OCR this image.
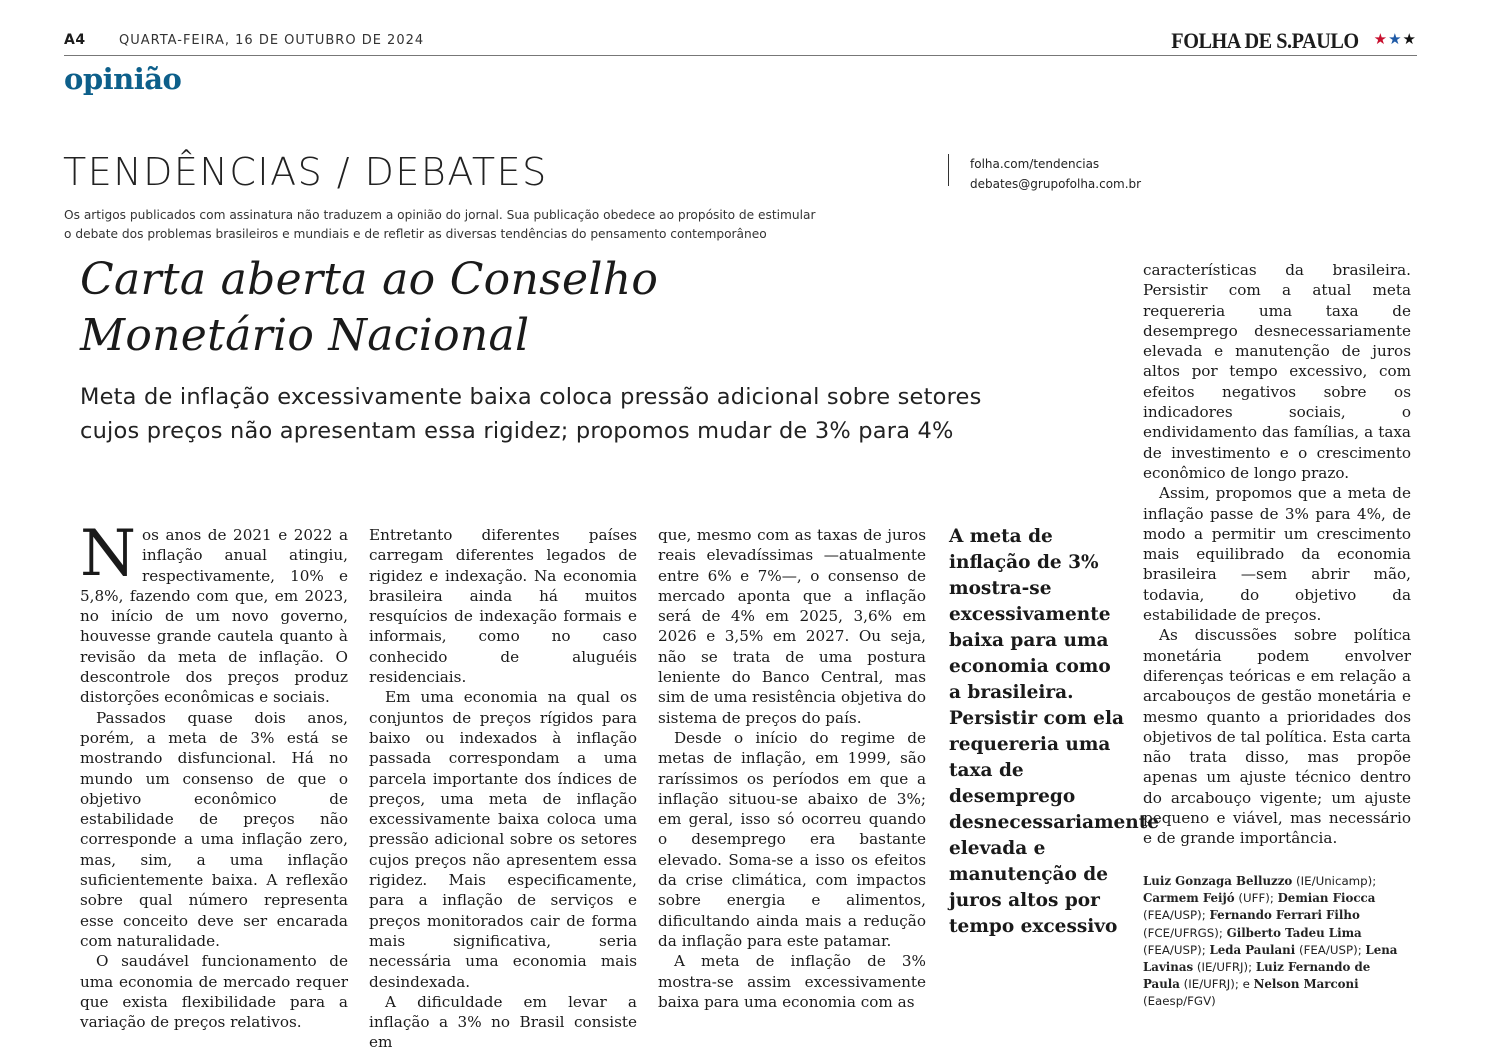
A4	QUARTA-FEIRA, 16 DE OUTUBRO DE 2024	FOLHA DE S.PAULO ★★★
opinião
TENDÊNCIAS / DEBATES	folha.com/tendencias
debates@grupofolha.com.br
Os artigos publicados com assinatura não traduzem a opinião do jornal. Sua publicação obedece ao propósito de estimular
o debate dos problemas brasileiros e mundiais e de refletir as diversas tendências do pensamento contemporâneo
Carta aberta ao Conselho
Monetário Nacional
Meta de inflação excessivamente baixa coloca pressão adicional sobre setores
cujos preços não apresentam essa rigidez; propomos mudar de 3% para 4%

Nos anos de 2021 e 2022 a inflação anual atingiu, respectivamente, 10% e 5,8%, fazendo com que, em 2023, no início de um novo governo, houvesse grande cautela quanto à revisão da meta de inflação. O descontrole dos preços produz distorções econômicas e sociais.

Passados quase dois anos, porém, a meta de 3% está se mostrando disfuncional. Há no mundo um consenso de que o objetivo econômico de estabilidade de preços não corresponde a uma inflação zero, mas, sim, a uma inflação suficientemente baixa. A reflexão sobre qual número representa esse conceito deve ser encarada com naturalidade.

O saudável funcionamento de uma economia de mercado requer que exista flexibilidade para a variação de preços relativos.

Entretanto diferentes países carregam diferentes legados de rigidez e indexação. Na economia brasileira ainda há muitos resquícios de indexação formais e informais, como no caso conhecido de aluguéis residenciais.

Em uma economia na qual os conjuntos de preços rígidos para baixo ou indexados à inflação passada correspondam a uma parcela importante dos índices de preços, uma meta de inflação excessivamente baixa coloca uma pressão adicional sobre os setores cujos preços não apresentem essa rigidez. Mais especificamente, para a inflação de serviços e preços monitorados cair de forma mais significativa, seria necessária uma economia mais desindexada.

A dificuldade em levar a inflação a 3% no Brasil consiste em

que, mesmo com as taxas de juros reais elevadíssimas —atualmente entre 6% e 7%—, o consenso de mercado aponta que a inflação será de 4% em 2025, 3,6% em 2026 e 3,5% em 2027. Ou seja, não se trata de uma postura leniente do Banco Central, mas sim de uma resistência objetiva do sistema de preços do país.

Desde o início do regime de metas de inflação, em 1999, são raríssimos os períodos em que a inflação situou-se abaixo de 3%; em geral, isso só ocorreu quando o desemprego era bastante elevado. Soma-se a isso os efeitos da crise climática, com impactos sobre energia e alimentos, dificultando ainda mais a redução da inflação para este patamar.

A meta de inflação de 3% mostra-se assim excessivamente baixa para uma economia com as

A meta de inflação de 3% mostra-se excessivamente baixa para uma economia como a brasileira. Persistir com ela requereria uma taxa de desemprego desnecessariamente elevada e manutenção de juros altos por tempo excessivo

características da brasileira. Persistir com a atual meta requereria uma taxa de desemprego desnecessariamente elevada e manutenção de juros altos por tempo excessivo, com efeitos negativos sobre os indicadores sociais, o endividamento das famílias, a taxa de investimento e o crescimento econômico de longo prazo.

Assim, propomos que a meta de inflação passe de 3% para 4%, de modo a permitir um crescimento mais equilibrado da economia brasileira —sem abrir mão, todavia, do objetivo da estabilidade de preços.

As discussões sobre política monetária podem envolver diferenças teóricas e em relação a arcabouços de gestão monetária e mesmo quanto a prioridades dos objetivos de tal política. Esta carta não trata disso, mas propõe apenas um ajuste técnico dentro do arcabouço vigente; um ajuste pequeno e viável, mas necessário e de grande importância.

Luiz Gonzaga Belluzzo (IE/Unicamp); Carmem Feijó (UFF); Demian Fiocca (FEA/USP); Fernando Ferrari Filho (FCE/UFRGS); Gilberto Tadeu Lima (FEA/USP); Leda Paulani (FEA/USP); Lena Lavinas (IE/UFRJ); Luiz Fernando de Paula (IE/UFRJ); e Nelson Marconi (Eaesp/FGV)
